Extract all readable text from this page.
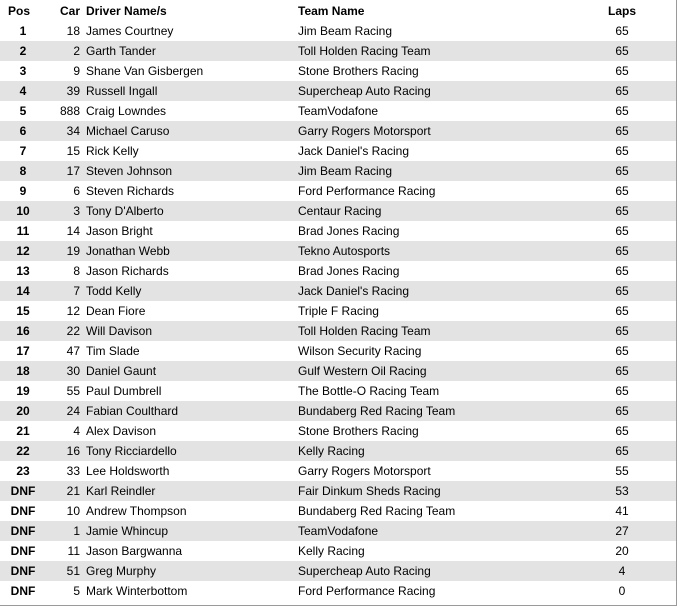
Pos	Car Driver Name/s	Team Name	Laps
1	18 James Courtney	Jim Beam Racing	65
2	2 Garth Tander	Toll Holden Racing Team	65
3	9 Shane Van Gisbergen	Stone Brothers Racing	65
4	39 Russell Ingall	Supercheap Auto Racing	65
5	888 Craig Lowndes	TeamVodafone	65
6	34 Michael Caruso	Garry Rogers Motorsport	65
7	15 Rick Kelly	Jack Daniel's Racing	65
8	17 Steven Johnson	Jim Beam Racing	65
9	6 Steven Richards	Ford Performance Racing	65
10	3 Tony D'Alberto	Centaur Racing	65
11	14 Jason Bright	Brad Jones Racing	65
12	19 Jonathan Webb	Tekno Autosports	65
13	8 Jason Richards	Brad Jones Racing	65
14	7 Todd Kelly	Jack Daniel's Racing	65
15	12 Dean Fiore	Triple F Racing	65
16	22 Will Davison	Toll Holden Racing Team	65
17	47 Tim Slade	Wilson Security Racing	65
18	30 Daniel Gaunt	Gulf Western Oil Racing	65
19	55 Paul Dumbrell	The Bottle-O Racing Team	65
20	24 Fabian Coulthard	Bundaberg Red Racing Team	65
21	4 Alex Davison	Stone Brothers Racing	65
22	16 Tony Ricciardello	Kelly Racing	65
23	33 Lee Holdsworth	Garry Rogers Motorsport	55
DNF	21 Karl Reindler	Fair Dinkum Sheds Racing	53
DNF	10 Andrew Thompson	Bundaberg Red Racing Team	41
DNF	1 Jamie Whincup	TeamVodafone	27
DNF	11 Jason Bargwanna	Kelly Racing	20
DNF	51 Greg Murphy	Supercheap Auto Racing	4
DNF	5 Mark Winterbottom	Ford Performance Racing	0
